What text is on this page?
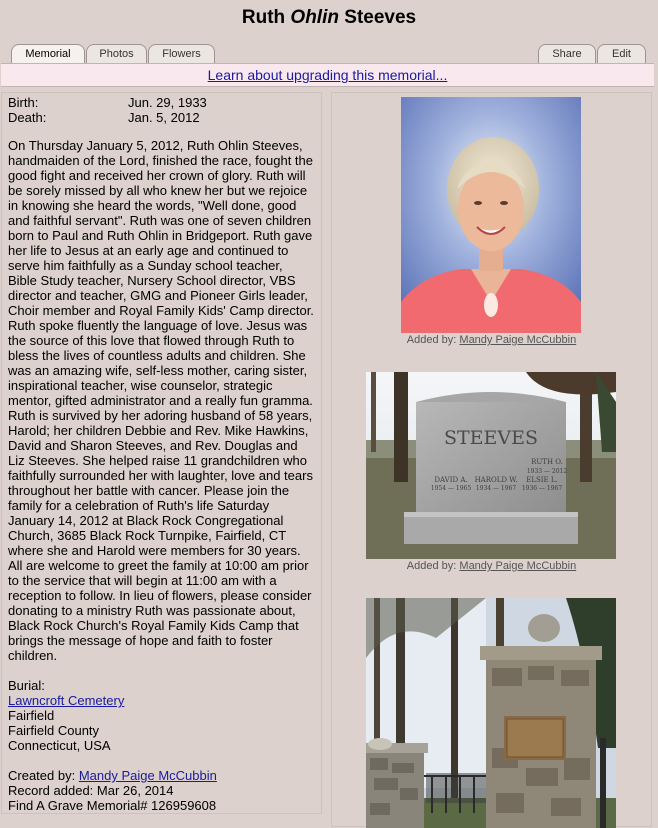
Ruth Ohlin Steeves
Memorial	Photos	Flowers	Share	Edit
Learn about upgrading this memorial...
Birth:	Jun. 29, 1933
Death:	Jan. 5, 2012
On Thursday January 5, 2012, Ruth Ohlin Steeves, handmaiden of the Lord, finished the race, fought the good fight and received her crown of glory. Ruth will be sorely missed by all who knew her but we rejoice in knowing she heard the words, "Well done, good and faithful servant". Ruth was one of seven children born to Paul and Ruth Ohlin in Bridgeport. Ruth gave her life to Jesus at an early age and continued to serve him faithfully as a Sunday school teacher, Bible Study teacher, Nursery School director, VBS director and teacher, GMG and Pioneer Girls leader, Choir member and Royal Family Kids' Camp director. Ruth spoke fluently the language of love. Jesus was the source of this love that flowed through Ruth to bless the lives of countless adults and children. She was an amazing wife, self-less mother, caring sister, inspirational teacher, wise counselor, strategic mentor, gifted administrator and a really fun gramma. Ruth is survived by her adoring husband of 58 years, Harold; her children Debbie and Rev. Mike Hawkins, David and Sharon Steeves, and Rev. Douglas and Liz Steeves. She helped raise 11 grandchildren who faithfully surrounded her with laughter, love and tears throughout her battle with cancer. Please join the family for a celebration of Ruth's life Saturday January 14, 2012 at Black Rock Congregational Church, 3685 Black Rock Turnpike, Fairfield, CT where she and Harold were members for 30 years. All are welcome to greet the family at 10:00 am prior to the service that will begin at 11:00 am with a reception to follow. In lieu of flowers, please consider donating to a ministry Ruth was passionate about, Black Rock Church's Royal Family Kids Camp that brings the message of hope and faith to foster children.
Burial:
Lawncroft Cemetery
Fairfield
Fairfield County
Connecticut, USA
Created by: Mandy Paige McCubbin
Record added: Mar 26, 2014
Find A Grave Memorial# 126959608
Added by: Mandy Paige McCubbin
STEEVES
RUTH O.
1933 — 2012
DAVID A.
1954 — 1965
HAROLD W.
1934 — 1967
ELSIE L.
1936 — 1967
Added by: Mandy Paige McCubbin
